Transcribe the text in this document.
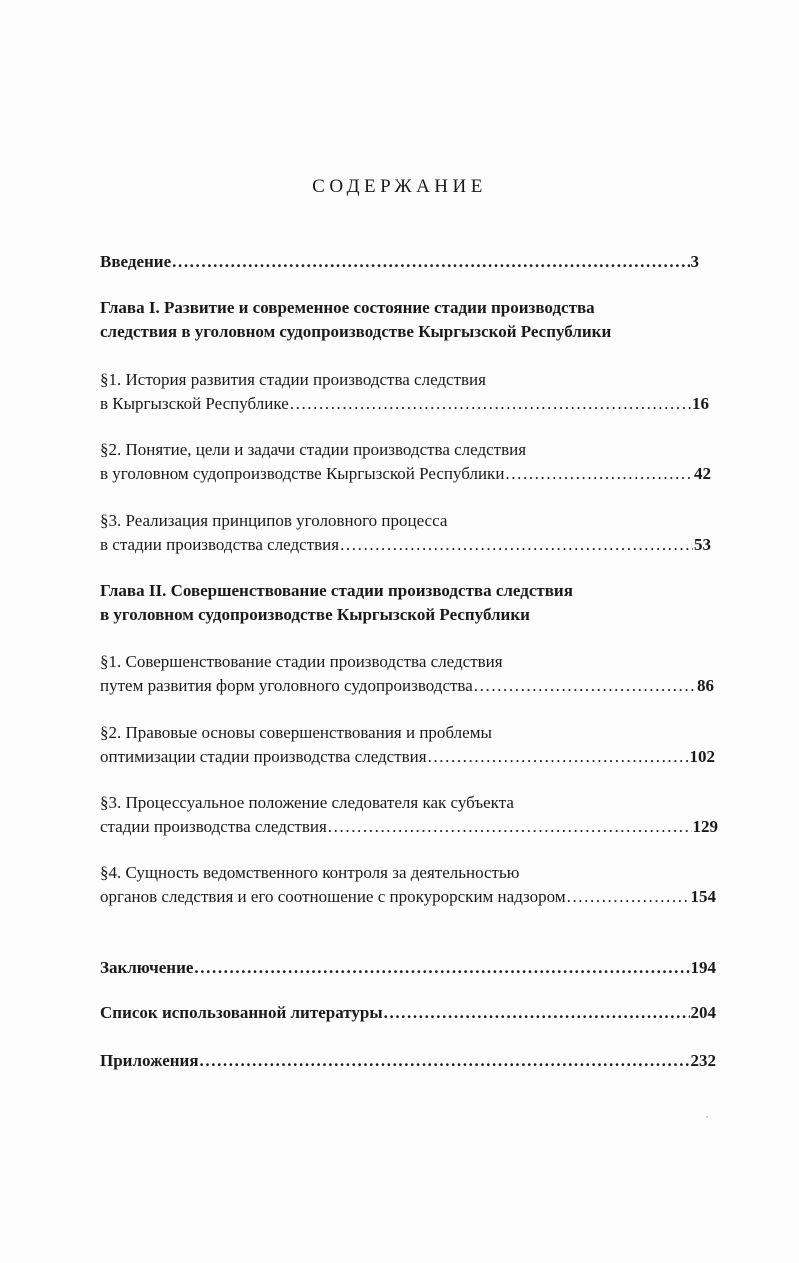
СОДЕРЖАНИЕ
Введение .....	3
Глава I. Развитие и современное состояние стадии производства
следствия в уголовном судопроизводстве Кыргызской Республики
§1. История развития стадии производства следствия
в Кыргызской Республике .....	16
§2. Понятие, цели и задачи стадии производства следствия
в уголовном судопроизводстве Кыргызской Республики .....	42
§3. Реализация принципов уголовного процесса
в стадии производства следствия .....	53
Глава II. Совершенствование стадии производства следствия
в уголовном судопроизводстве Кыргызской Республики
§1. Совершенствование стадии производства следствия
путем развития форм уголовного судопроизводства .....	86
§2. Правовые основы совершенствования и проблемы
оптимизации стадии производства следствия .....	102
§3. Процессуальное положение следователя как субъекта
стадии производства следствия .....	129
§4. Сущность ведомственного контроля за деятельностью
органов следствия и его соотношение с прокурорским надзором .....	154
Заключение .....	194
Список использованной литературы .....	204
Приложения .....	232
